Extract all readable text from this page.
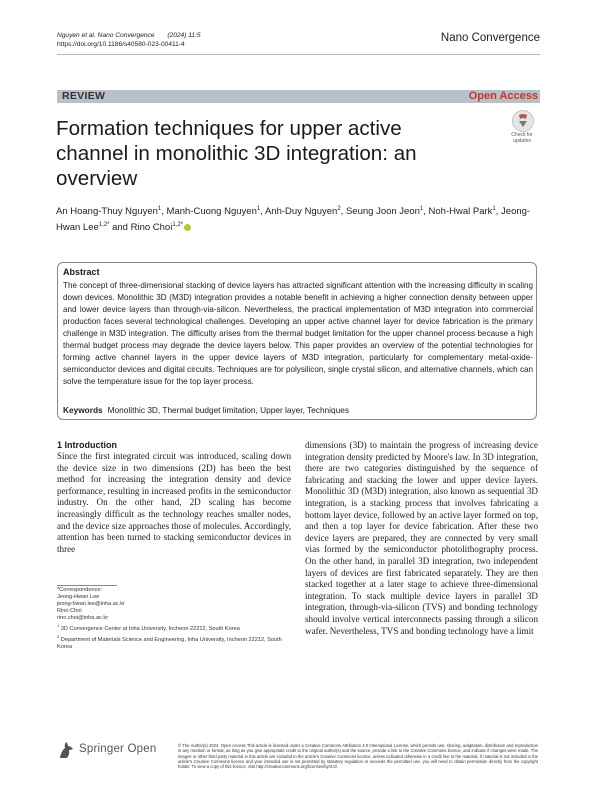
Nguyen et al. Nano Convergence (2024) 11:5
https://doi.org/10.1186/s40580-023-00411-4
Nano Convergence
REVIEW	Open Access
Formation techniques for upper active channel in monolithic 3D integration: an overview
Check for
updates
An Hoang-Thuy Nguyen$^1$, Manh-Cuong Nguyen$^1$, Anh-Duy Nguyen$^2$, Seung Joon Jeon$^1$, Noh-Hwal Park$^1$, Jeong-Hwan Lee$^{1,2*}$ and Rino Choi$^{1,2*}$
Abstract
The concept of three-dimensional stacking of device layers has attracted significant attention with the increasing difficulty in scaling down devices. Monolithic 3D (M3D) integration provides a notable benefit in achieving a higher connection density between upper and lower device layers than through-via-silicon. Nevertheless, the practical implementation of M3D integration into commercial production faces several technological challenges. Developing an upper active channel layer for device fabrication is the primary challenge in M3D integration. The difficulty arises from the thermal budget limitation for the upper channel process because a high thermal budget process may degrade the device layers below. This paper provides an overview of the potential technologies for forming active channel layers in the upper device layers of M3D integration, particularly for complementary metal-oxide-semiconductor devices and digital circuits. Techniques are for polysilicon, single crystal silicon, and alternative channels, which can solve the temperature issue for the top layer process.
Keywords Monolithic 3D, Thermal budget limitation, Upper layer, Techniques
1 Introduction
Since the first integrated circuit was introduced, scaling down the device size in two dimensions (2D) has been the best method for increasing the integration density and device performance, resulting in increased profits in the semiconductor industry. On the other hand, 2D scaling has become increasingly difficult as the technology reaches smaller nodes, and the device size approaches those of molecules. Accordingly, attention has been turned to stacking semiconductor devices in three
dimensions (3D) to maintain the progress of increasing device integration density predicted by Moore's law. In 3D integration, there are two categories distinguished by the sequence of fabricating and stacking the lower and upper device layers. Monolithic 3D (M3D) integration, also known as sequential 3D integration, is a stacking process that involves fabricating a bottom layer device, followed by an active layer formed on top, and then a top layer for device fabrication. After these two device layers are prepared, they are connected by very small vias formed by the semiconductor photolithography process. On the other hand, in parallel 3D integration, two independent layers of devices are first fabricated separately. They are then stacked together at a later stage to achieve three-dimensional integration. To stack multiple device layers in parallel 3D integration, through-via-silicon (TVS) and bonding technology should involve vertical interconnects passing through a silicon wafer. Nevertheless, TVS and bonding technology have a limit
*Correspondence:
Jeong-Hwan Lee
jeong-hwan.lee@inha.ac.kr
Rino Choi
rino.choi@inha.ac.kr
$^1$ 3D Convergence Center at Inha University, Incheon 22212, South Korea
$^2$ Department of Materials Science and Engineering, Inha University, Incheon 22212, South Korea
Springer Open	© The Author(s) 2024. Open Access This article is licensed under a Creative Commons Attribution 4.0 International License, which permits use, sharing, adaptation, distribution and reproduction in any medium or format, as long as you give appropriate credit to the original author(s) and the source, provide a link to the Creative Commons licence, and indicate if changes were made. The images or other third party material in this article are included in the article's Creative Commons licence, unless indicated otherwise in a credit line to the material. If material is not included in the article's Creative Commons licence and your intended use is not permitted by statutory regulation or exceeds the permitted use, you will need to obtain permission directly from the copyright holder. To view a copy of this licence, visit http://creativecommons.org/licenses/by/4.0/.
